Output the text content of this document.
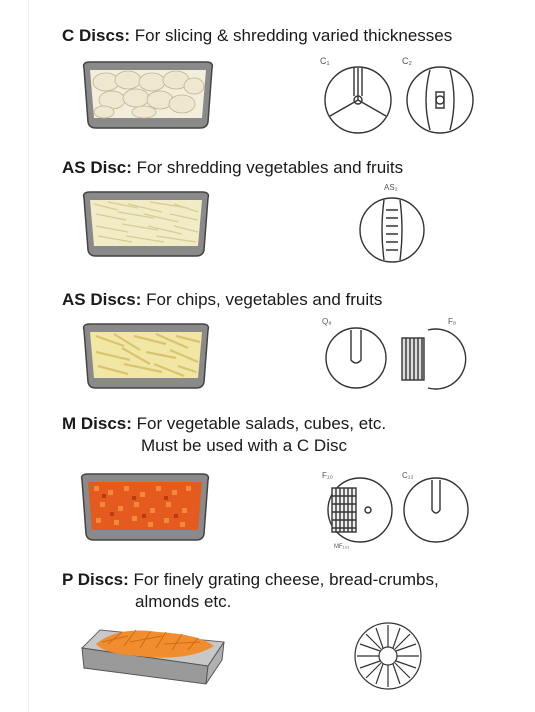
C Discs: For slicing & shredding varied thicknesses
C₁	C₂
AS Disc: For shredding vegetables and fruits
AS₂
AS Discs: For chips, vegetables and fruits
Q₈	F₈
M Discs: For vegetable salads, cubes, etc.
Must be used with a C Disc
F₁₀	C₁₂
MF₁₀₁
P Discs: For finely grating cheese, bread-crumbs,
almonds etc.
